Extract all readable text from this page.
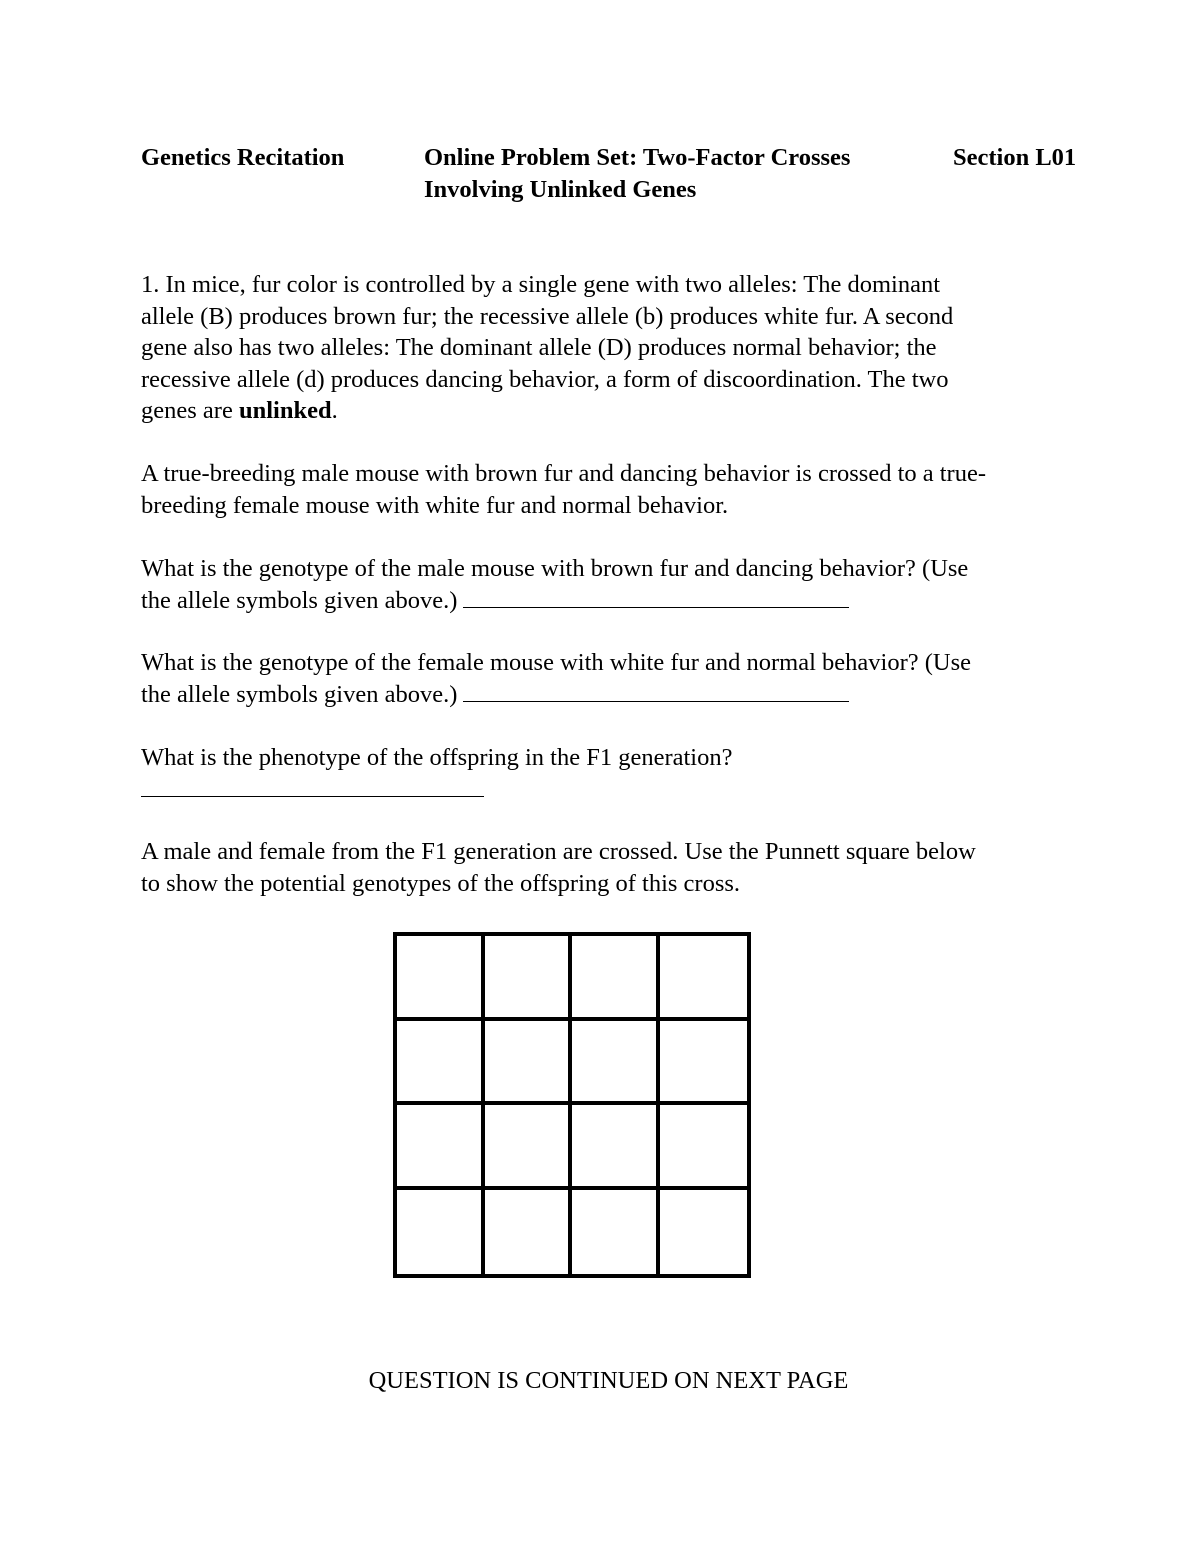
Genetics Recitation	Online Problem Set: Two-Factor Crosses
Involving Unlinked Genes
Section L01

1. In mice, fur color is controlled by a single gene with two alleles: The dominant
allele (B) produces brown fur; the recessive allele (b) produces white fur. A second
gene also has two alleles: The dominant allele (D) produces normal behavior; the
recessive allele (d) produces dancing behavior, a form of discoordination. The two
genes are unlinked.

A true-breeding male mouse with brown fur and dancing behavior is crossed to a true-
breeding female mouse with white fur and normal behavior.

What is the genotype of the male mouse with brown fur and dancing behavior? (Use
the allele symbols given above.)

What is the genotype of the female mouse with white fur and normal behavior? (Use
the allele symbols given above.)

What is the phenotype of the offspring in the F1 generation?

A male and female from the F1 generation are crossed. Use the Punnett square below
to show the potential genotypes of the offspring of this cross.

QUESTION IS CONTINUED ON NEXT PAGE
